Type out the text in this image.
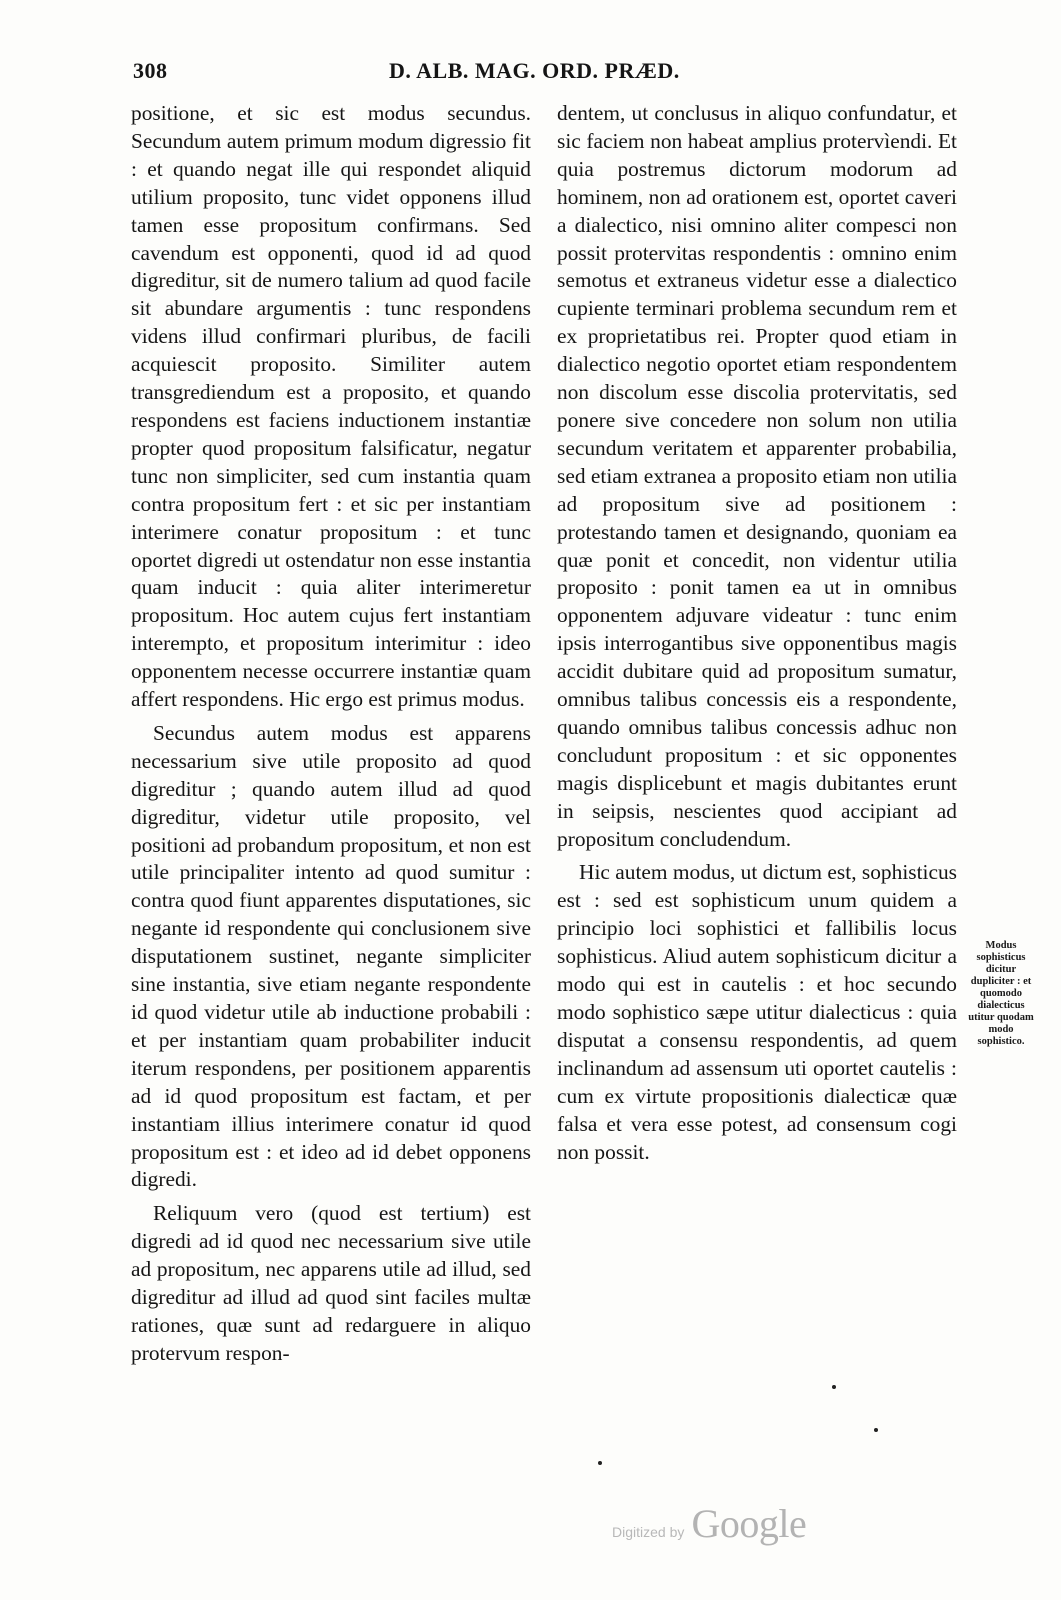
308	D. ALB. MAG. ORD. PRÆD.

positione, et sic est modus secundus. Secundum autem primum modum digressio fit : et quando negat ille qui respondet aliquid utilium proposito, tunc videt opponens illud tamen esse propositum confirmans. Sed cavendum est opponenti, quod id ad quod digreditur, sit de numero talium ad quod facile sit abundare argumentis : tunc respondens videns illud confirmari pluribus, de facili acquiescit proposito. Similiter autem transgrediendum est a proposito, et quando respondens est faciens inductionem instantiæ propter quod propositum falsificatur, negatur tunc non simpliciter, sed cum instantia quam contra propositum fert : et sic per instantiam interimere conatur propositum : et tunc oportet digredi ut ostendatur non esse instantia quam inducit : quia aliter interimeretur propositum. Hoc autem cujus fert instantiam interempto, et propositum interimitur : ideo opponentem necesse occurrere instantiæ quam affert respondens. Hic ergo est primus modus.

Secundus autem modus est apparens necessarium sive utile proposito ad quod digreditur ; quando autem illud ad quod digreditur, videtur utile proposito, vel positioni ad probandum propositum, et non est utile principaliter intento ad quod sumitur : contra quod fiunt apparentes disputationes, sic negante id respondente qui conclusionem sive disputationem sustinet, negante simpliciter sine instantia, sive etiam negante respondente id quod videtur utile ab inductione probabili : et per instantiam quam probabiliter inducit iterum respondens, per positionem apparentis ad id quod propositum est factam, et per instantiam illius interimere conatur id quod propositum est : et ideo ad id debet opponens digredi.

Reliquum vero (quod est tertium) est digredi ad id quod nec necessarium sive utile ad propositum, nec apparens utile ad illud, sed digreditur ad illud ad quod sint faciles multæ rationes, quæ sunt ad redarguere in aliquo protervum respon-

dentem, ut conclusus in aliquo confundatur, et sic faciem non habeat amplius protervìendi. Et quia postremus dictorum modorum ad hominem, non ad orationem est, oportet caveri a dialectico, nisi omnino aliter compesci non possit protervitas respondentis : omnino enim semotus et extraneus videtur esse a dialectico cupiente terminari problema secundum rem et ex proprietatibus rei. Propter quod etiam in dialectico negotio oportet etiam respondentem non discolum esse discolia protervitatis, sed ponere sive concedere non solum non utilia secundum veritatem et apparenter probabilia, sed etiam extranea a proposito etiam non utilia ad propositum sive ad positionem : protestando tamen et designando, quoniam ea quæ ponit et concedit, non videntur utilia proposito : ponit tamen ea ut in omnibus opponentem adjuvare videatur : tunc enim ipsis interrogantibus sive opponentibus magis accidit dubitare quid ad propositum sumatur, omnibus talibus concessis eis a respondente, quando omnibus talibus concessis adhuc non concludunt propositum : et sic opponentes magis displicebunt et magis dubitantes erunt in seipsis, nescientes quod accipiant ad propositum concludendum.

Hic autem modus, ut dictum est, sophisticus est : sed est sophisticum unum quidem a principio loci sophistici et fallibilis locus sophisticus. Aliud autem sophisticum dicitur a modo qui est in cautelis : et hoc secundo modo sophistico sæpe utitur dialecticus : quia disputat a consensu respondentis, ad quem inclinandum ad assensum uti oportet cautelis : cum ex virtute propositionis dialecticæ quæ falsa et vera esse potest, ad consensum cogi non possit.

Modus sophisticus dicitur dupliciter : et quomodo dialecticus utitur quodam modo sophistico.
Digitized by Google
